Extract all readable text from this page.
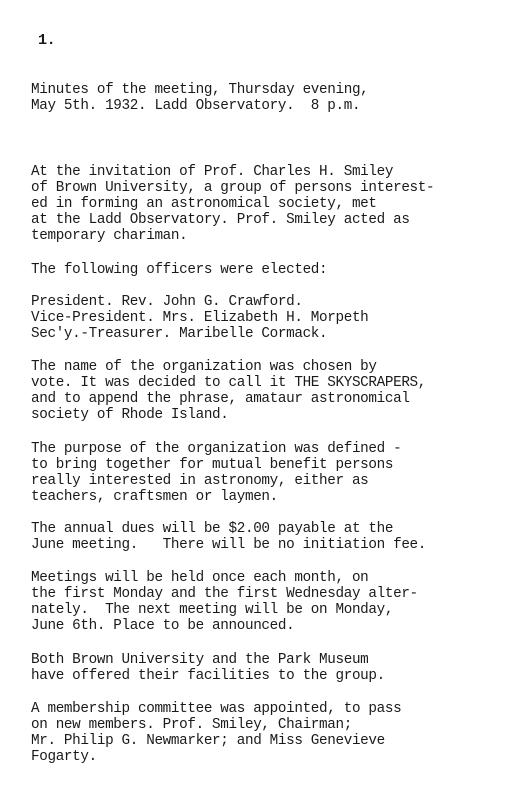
1.
Minutes of the meeting, Thursday evening,
May 5th. 1932. Ladd Observatory.  8 p.m.
At the invitation of Prof. Charles H. Smiley
of Brown University, a group of persons interest-
ed in forming an astronomical society, met
at the Ladd Observatory. Prof. Smiley acted as
temporary chariman.
The following officers were elected:
President. Rev. John G. Crawford.
Vice-President. Mrs. Elizabeth H. Morpeth
Sec'y.-Treasurer. Maribelle Cormack.
The name of the organization was chosen by
vote. It was decided to call it THE SKYSCRAPERS,
and to append the phrase, amataur astronomical
society of Rhode Island.
The purpose of the organization was defined -
to bring together for mutual benefit persons
really interested in astronomy, either as
teachers, craftsmen or laymen.
The annual dues will be $2.00 payable at the
June meeting.   There will be no initiation fee.
Meetings will be held once each month, on
the first Monday and the first Wednesday alter-
nately.  The next meeting will be on Monday,
June 6th. Place to be announced.
Both Brown University and the Park Museum
have offered their facilities to the group.
A membership committee was appointed, to pass
on new members. Prof. Smiley, Chairman;
Mr. Philip G. Newmarker; and Miss Genevieve
Fogarty.
